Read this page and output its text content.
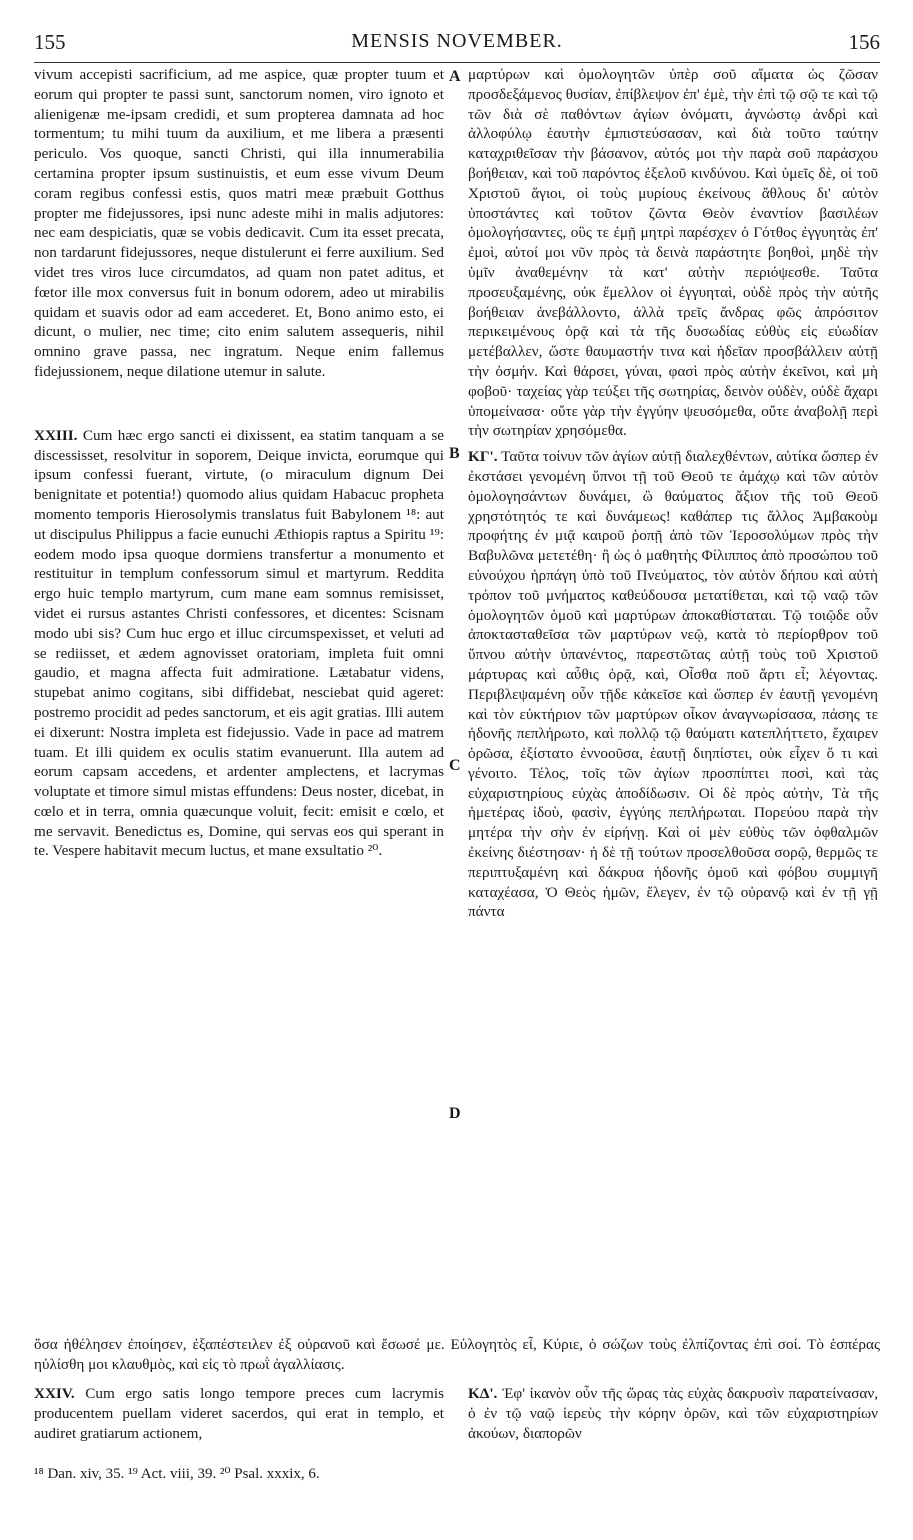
155	MENSIS NOVEMBER.	156
A
B
C
D

vivum accepisti sacrificium, ad me aspice, quæ propter tuum et eorum qui propter te passi sunt, sanctorum nomen, viro ignoto et alienigenæ me-ipsam credidi, et sum propterea damnata ad hoc tormentum; tu mihi tuum da auxilium, et me libera a præsenti periculo. Vos quoque, sancti Christi, qui illa innumerabilia certamina propter ipsum sustinuistis, et eum esse vivum Deum coram regibus confessi estis, quos matri meæ præbuit Gotthus propter me fidejussores, ipsi nunc adeste mihi in malis adjutores: nec eam despiciatis, quæ se vobis dedicavit. Cum ita esset precata, non tardarunt fidejussores, neque distulerunt ei ferre auxilium. Sed videt tres viros luce circumdatos, ad quam non patet aditus, et fœtor ille mox conversus fuit in bonum odorem, adeo ut mirabilis quidam et suavis odor ad eam accederet. Et, Bono animo esto, ei dicunt, o mulier, nec time; cito enim salutem assequeris, nihil omnino grave passa, nec ingratum. Neque enim fallemus fidejussionem, neque dilatione utemur in salute.

XXIII. Cum hæc ergo sancti ei dixissent, ea statim tanquam a se discessisset, resolvitur in soporem, Deique invicta, eorumque qui ipsum confessi fuerant, virtute, (o miraculum dignum Dei benignitate et potentia!) quomodo alius quidam Habacuc propheta momento temporis Hierosolymis translatus fuit Babylonem ¹⁸: aut ut discipulus Philippus a facie eunuchi Æthiopis raptus a Spiritu ¹⁹: eodem modo ipsa quoque dormiens transfertur a monumento et restituitur in templum confessorum simul et martyrum. Reddita ergo huic templo martyrum, cum mane eam somnus remisisset, videt ei rursus astantes Christi confessores, et dicentes: Scisnam modo ubi sis? Cum huc ergo et illuc circumspexisset, et veluti ad se rediisset, et ædem agnovisset oratoriam, impleta fuit omni gaudio, et magna affecta fuit admiratione. Lætabatur videns, stupebat animo cogitans, sibi diffidebat, nesciebat quid ageret: postremo procidit ad pedes sanctorum, et eis agit gratias. Illi autem ei dixerunt: Nostra impleta est fidejussio. Vade in pace ad matrem tuam. Et illi quidem ex oculis statim evanuerunt. Illa autem ad eorum capsam accedens, et ardenter amplectens, et lacrymas voluptate et timore simul mistas effundens: Deus noster, dicebat, in cœlo et in terra, omnia quæcunque voluit, fecit: emisit e cœlo, et me servavit. Benedictus es, Domine, qui servas eos qui sperant in te. Vespere habitavit mecum luctus, et mane exsultatio ²⁰.

μαρτύρων καὶ ὁμολογητῶν ὑπὲρ σοῦ αἵματα ὡς ζῶσαν προσδεξάμενος θυσίαν, ἐπίβλεψον ἐπ' ἐμὲ, τὴν ἐπὶ τῷ σῷ τε καὶ τῷ τῶν διὰ σὲ παθόντων ἁγίων ὀνόματι, ἀγνώστῳ ἀνδρὶ καὶ ἀλλοφύλῳ ἑαυτὴν ἐμπιστεύσασαν, καὶ διὰ τοῦτο ταύτην καταχριθεῖσαν τὴν βάσανον, αὐτός μοι τὴν παρὰ σοῦ παράσχου βοήθειαν, καὶ τοῦ παρόντος ἐξελοῦ κινδύνου. Καὶ ὑμεῖς δὲ, οἱ τοῦ Χριστοῦ ἅγιοι, οἱ τοὺς μυρίους ἐκείνους ἄθλους δι' αὐτὸν ὑποστάντες καὶ τοῦτον ζῶντα Θεὸν ἐναντίον βασιλέων ὁμολογήσαντες, οὓς τε ἐμῇ μητρὶ παρέσχεν ὁ Γότθος ἐγγυητὰς ἐπ' ἐμοὶ, αὐτοί μοι νῦν πρὸς τὰ δεινὰ παράστητε βοηθοὶ, μηδὲ τὴν ὑμῖν ἀναθεμένην τὰ κατ' αὐτὴν περιόψεσθε. Ταῦτα προσευξαμένης, οὐκ ἔμελλον οἱ ἐγγυηταὶ, οὐδὲ πρὸς τὴν αὐτῆς βοήθειαν ἀνεβάλλοντο, ἀλλὰ τρεῖς ἄνδρας φῶς ἀπρόσιτον περικειμένους ὁρᾷ καὶ τὰ τῆς δυσωδίας εὐθὺς εἰς εὐωδίαν μετέβαλλεν, ὥστε θαυμαστήν τινα καὶ ἡδεῖαν προσβάλλειν αὐτῇ τὴν ὀσμήν. Καὶ θάρσει, γύναι, φασὶ πρὸς αὐτὴν ἐκεῖνοι, καὶ μὴ φοβοῦ· ταχείας γὰρ τεύξει τῆς σωτηρίας, δεινὸν οὐδὲν, οὐδὲ ἄχαρι ὑπομείνασα· οὔτε γὰρ τὴν ἐγγύην ψευσόμεθα, οὔτε ἀναβολῇ περὶ τὴν σωτηρίαν χρησόμεθα.

ΚΓ'. Ταῦτα τοίνυν τῶν ἁγίων αὐτῇ διαλεχθέντων, αὐτίκα ὥσπερ ἐν ἐκστάσει γενομένη ὕπνοι τῇ τοῦ Θεοῦ τε ἀμάχῳ καὶ τῶν αὐτὸν ὁμολογησάντων δυνάμει, ὢ θαύματος ἄξιον τῆς τοῦ Θεοῦ χρηστότητός τε καὶ δυνάμεως! καθάπερ τις ἄλλος Ἀμβακοὺμ προφήτης ἐν μιᾷ καιροῦ ῥοπῇ ἀπὸ τῶν Ἱεροσολύμων πρὸς τὴν Βαβυλῶνα μετετέθη· ἢ ὡς ὁ μαθητὴς Φίλιππος ἀπὸ προσώπου τοῦ εὐνούχου ἡρπάγη ὑπὸ τοῦ Πνεύματος, τὸν αὐτὸν δήπου καὶ αὐτὴ τρόπον τοῦ μνήματος καθεύδουσα μετατίθεται, καὶ τῷ ναῷ τῶν ὁμολογητῶν ὁμοῦ καὶ μαρτύρων ἀποκαθίσταται. Τῷ τοιῷδε οὖν ἀποκτασταθεῖσα τῶν μαρτύρων νεῷ, κατὰ τὸ περίορθρον τοῦ ὕπνου αὐτὴν ὑπανέντος, παρεστῶτας αὐτῇ τοὺς τοῦ Χριστοῦ μάρτυρας καὶ αὖθις ὁρᾷ, καὶ, Οἶσθα ποῦ ἄρτι εἶ; λέγοντας. Περιβλεψαμένη οὖν τῇδε κἀκεῖσε καὶ ὥσπερ ἐν ἑαυτῇ γενομένη καὶ τὸν εὐκτήριον τῶν μαρτύρων οἶκον ἀναγνωρίσασα, πάσης τε ἡδονῆς πεπλήρωτο, καὶ πολλῷ τῷ θαύματι κατεπλήττετο, ἔχαιρεν ὁρῶσα, ἐξίστατο ἐννοοῦσα, ἑαυτῇ διηπίστει, οὐκ εἶχεν ὅ τι καὶ γένοιτο. Τέλος, τοῖς τῶν ἁγίων προσπίπτει ποσὶ, καὶ τὰς εὐχαριστηρίους εὐχὰς ἀποδίδωσιν. Οἱ δὲ πρὸς αὐτὴν, Τὰ τῆς ἡμετέρας ἰδοὺ, φασὶν, ἐγγύης πεπλήρωται. Πορεύου παρὰ τὴν μητέρα τὴν σὴν ἐν εἰρήνῃ. Καὶ οἱ μὲν εὐθὺς τῶν ὀφθαλμῶν ἐκείνης διέστησαν· ἡ δὲ τῇ τούτων προσελθοῦσα σορῷ, θερμῶς τε περιπτυξαμένη καὶ δάκρυα ἡδονῆς ὁμοῦ καὶ φόβου συμμιγῆ καταχέασα, Ὁ Θεὸς ἡμῶν, ἔλεγεν, ἐν τῷ οὐρανῷ καὶ ἐν τῇ γῇ πάντα

ὅσα ἠθέλησεν ἐποίησεν, ἐξαπέστειλεν ἐξ οὐρανοῦ καὶ ἔσωσέ με. Εὐλογητὸς εἶ, Κύριε, ὁ σώζων τοὺς ἐλπίζοντας ἐπὶ σοί. Τὸ ἑσπέρας ηὐλίσθη μοι κλαυθμὸς, καὶ εἰς τὸ πρωῒ ἀγαλλίασις.
XXIV. Cum ergo satis longo tempore preces cum lacrymis producentem puellam videret sacerdos, qui erat in templo, et audiret gratiarum actionem,
ΚΔ'. Ἐφ' ἱκανὸν οὖν τῆς ὥρας τὰς εὐχὰς δακρυσὶν παρατείνασαν, ὁ ἐν τῷ ναῷ ἱερεὺς τὴν κόρην ὁρῶν, καὶ τῶν εὐχαριστηρίων ἀκούων, διαπορῶν
¹⁸ Dan. xiv, 35. ¹⁹ Act. viii, 39. ²⁰ Psal. xxxix, 6.
